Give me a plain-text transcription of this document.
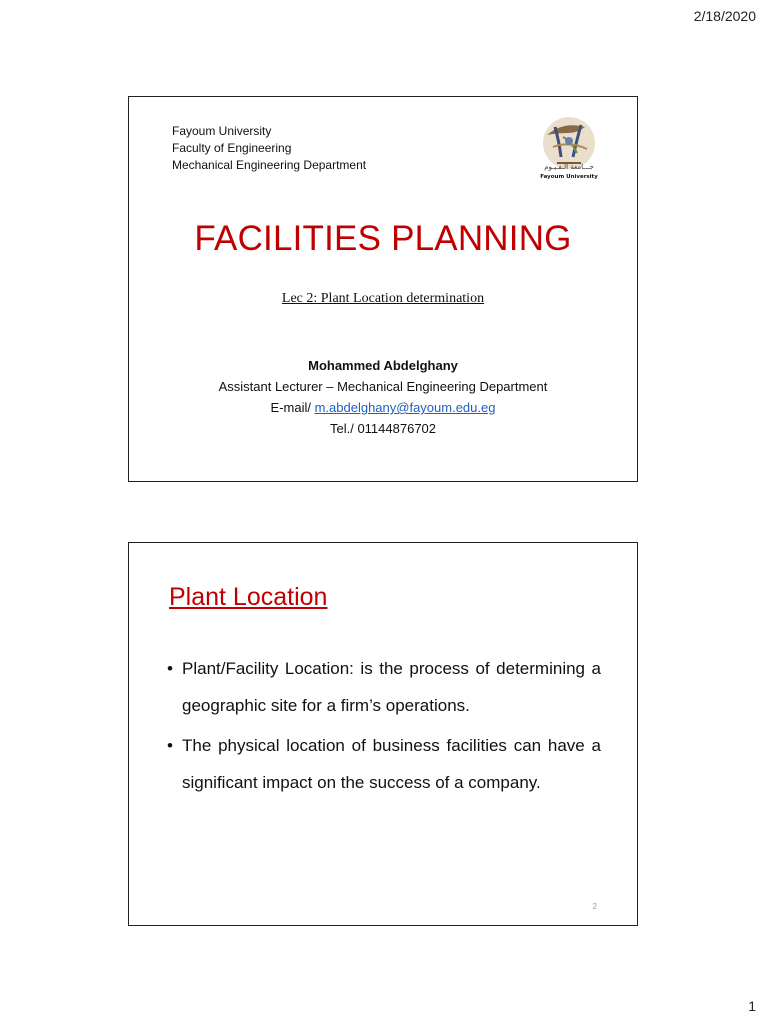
2/18/2020
Fayoum University
Faculty of Engineering
Mechanical Engineering Department	جـــامعة الـفـيـوم
Fayoum University
FACILITIES PLANNING
Lec 2: Plant Location determination
Mohammed Abdelghany
Assistant Lecturer – Mechanical Engineering Department
E-mail/ m.abdelghany@fayoum.edu.eg
Tel./ 01144876702
Plant Location
• Plant/Facility Location: is the process of determining a geographic site for a firm’s operations.
• The physical location of business facilities can have a significant impact on the success of a company.
2
1
